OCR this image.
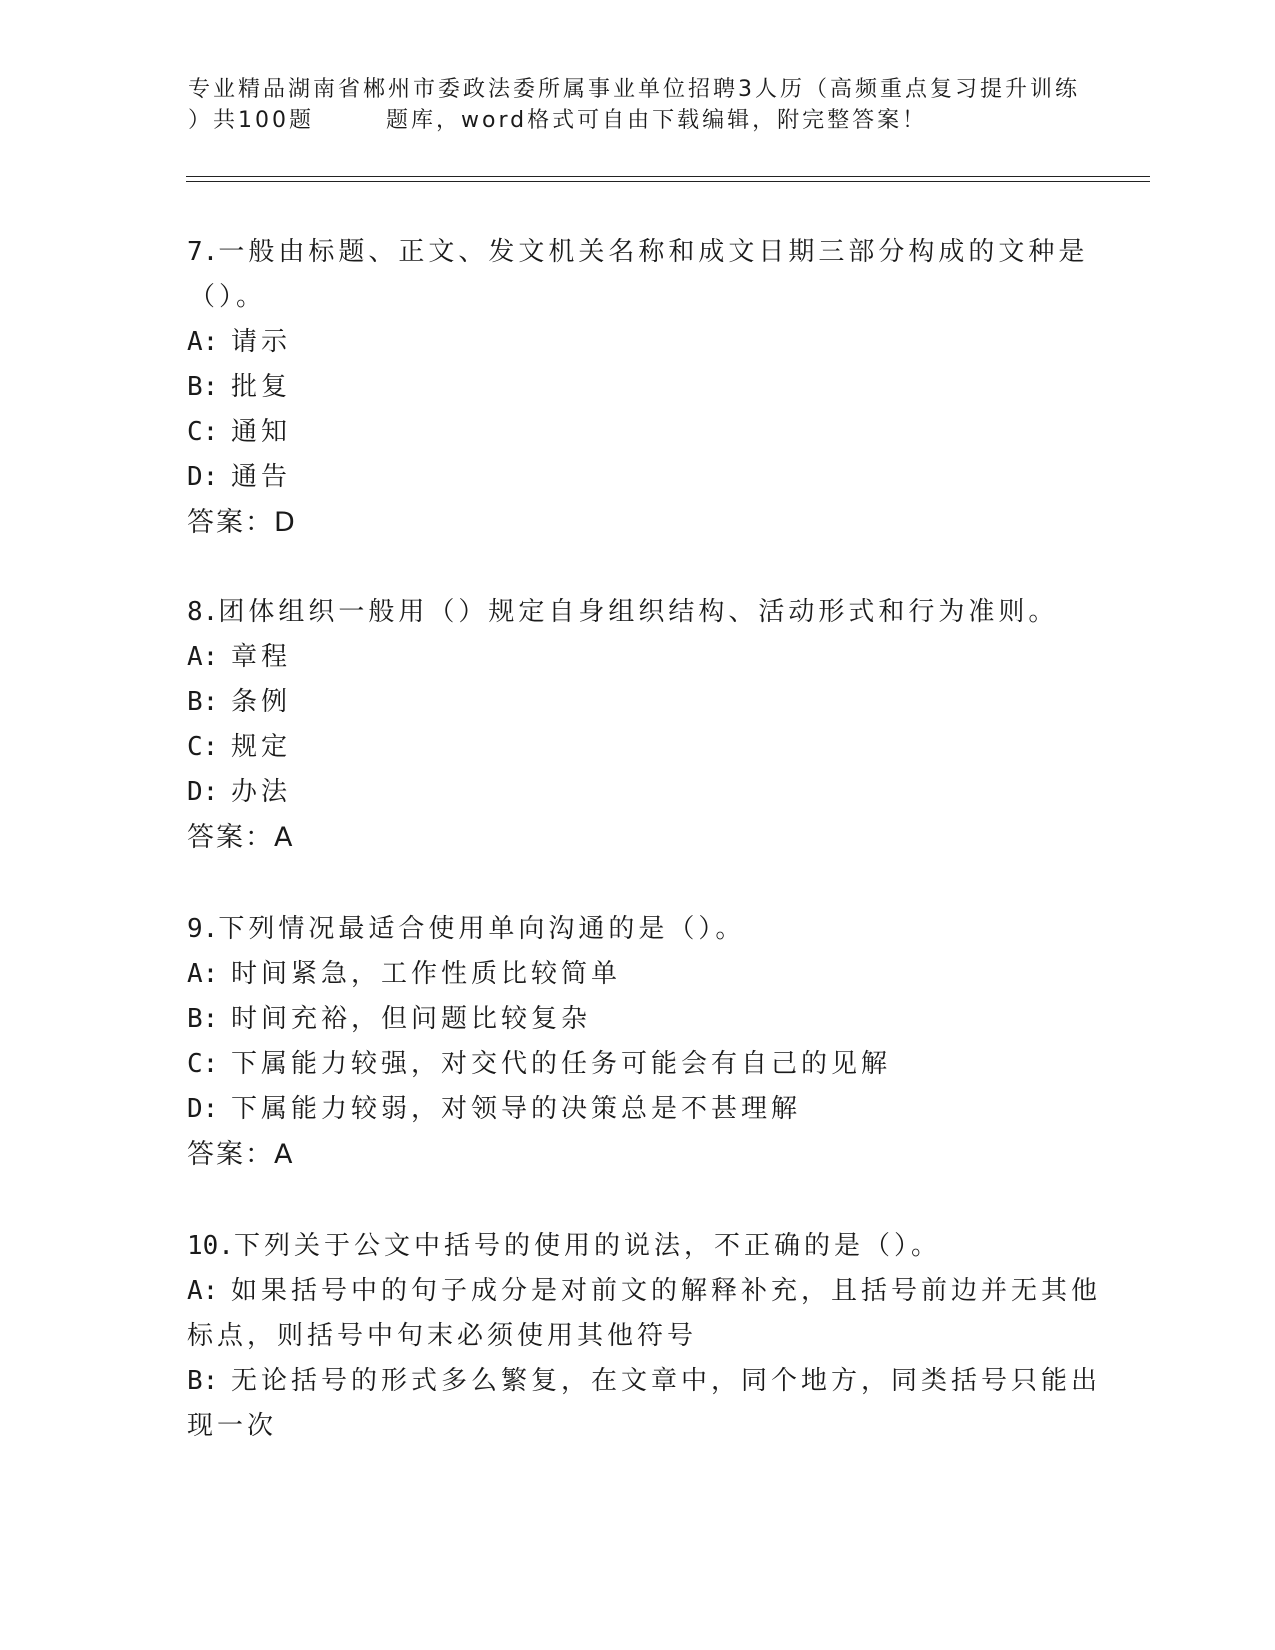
专业精品湖南省郴州市委政法委所属事业单位招聘3人历（高频重点复习提升训练
）共100题	题库，word格式可自由下载编辑，附完整答案！
7.一般由标题、正文、发文机关名称和成文日期三部分构成的文种是
（）。
A: 请示
B: 批复
C: 通知
D: 通告
答案：D
8.团体组织一般用（）规定自身组织结构、活动形式和行为准则。
A: 章程
B: 条例
C: 规定
D: 办法
答案：A
9.下列情况最适合使用单向沟通的是（）。
A: 时间紧急，工作性质比较简单
B: 时间充裕，但问题比较复杂
C: 下属能力较强，对交代的任务可能会有自己的见解
D: 下属能力较弱，对领导的决策总是不甚理解
答案：A
10.下列关于公文中括号的使用的说法，不正确的是（）。
A: 如果括号中的句子成分是对前文的解释补充，且括号前边并无其他
标点，则括号中句末必须使用其他符号
B: 无论括号的形式多么繁复，在文章中，同个地方，同类括号只能出
现一次
